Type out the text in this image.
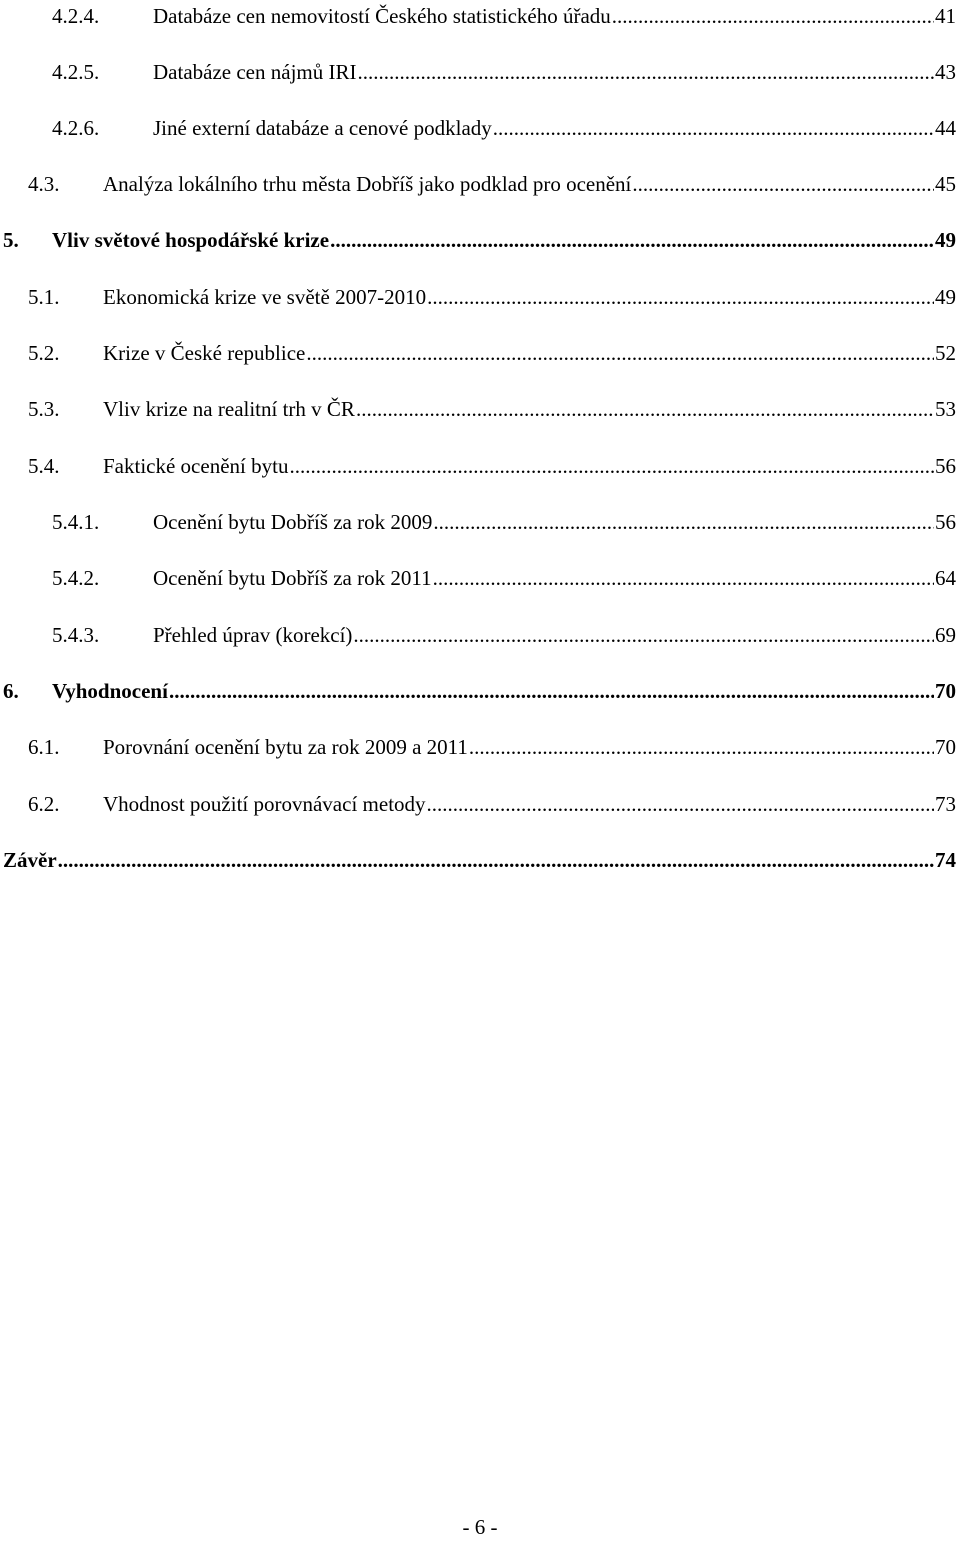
4.2.4.	Databáze cen nemovitostí Českého statistického úřadu .....	41
4.2.5.	Databáze cen nájmů IRI .....	43
4.2.6.	Jiné externí databáze a cenové podklady .....	44
4.3. Analýza lokálního trhu města Dobříš jako podklad pro ocenění .....	45
5. Vliv světové hospodářské krize .....	49
5.1. Ekonomická krize ve světě 2007-2010 .....	49
5.2. Krize v České republice .....	52
5.3. Vliv krize na realitní trh v ČR .....	53
5.4. Faktické ocenění bytu .....	56
5.4.1.	Ocenění bytu Dobříš za rok 2009 .....	56
5.4.2.	Ocenění bytu Dobříš za rok 2011 .....	64
5.4.3.	Přehled úprav (korekcí) .....	69
6. Vyhodnocení .....	70
6.1. Porovnání ocenění bytu za rok 2009 a 2011 .....	70
6.2. Vhodnost použití porovnávací metody .....	73
Závěr .....	74
- 6 -
